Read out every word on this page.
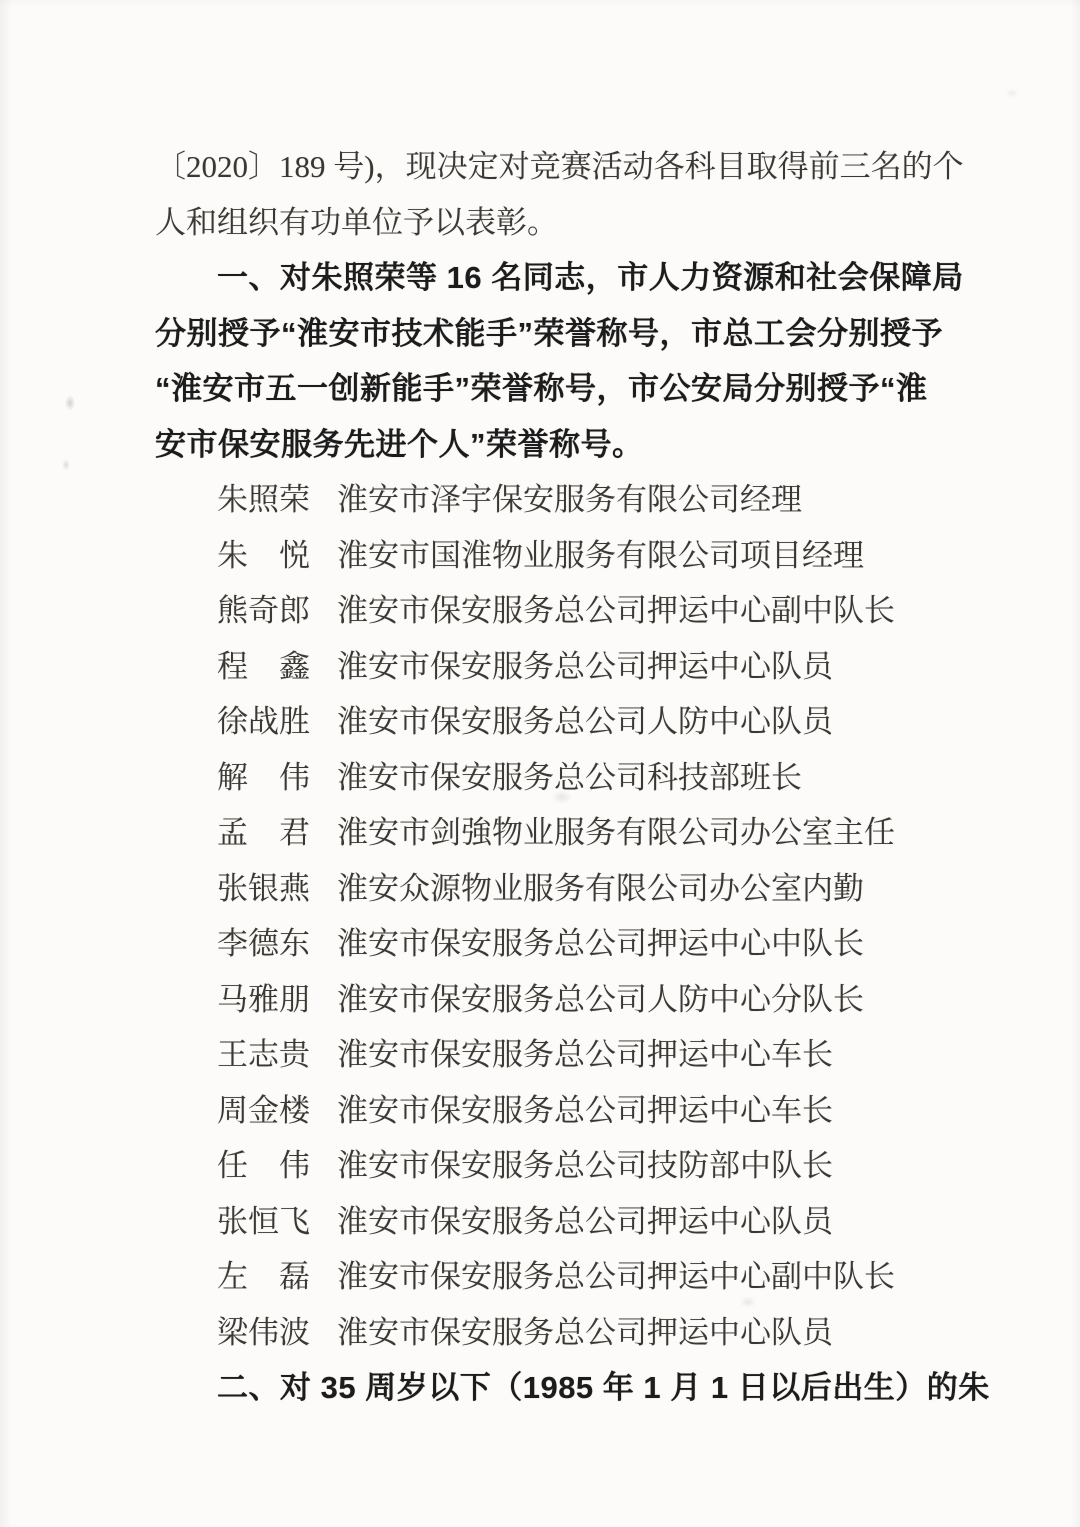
〔2020〕189 号)，现决定对竞赛活动各科目取得前三名的个
人和组织有功单位予以表彰。
一、对朱照荣等 16 名同志，市人力资源和社会保障局
分别授予“淮安市技术能手”荣誉称号，市总工会分别授予
“淮安市五一创新能手”荣誉称号，市公安局分别授予“淮
安市保安服务先进个人”荣誉称号。
朱照荣 淮安市泽宇保安服务有限公司经理
朱悦 淮安市国淮物业服务有限公司项目经理
熊奇郎 淮安市保安服务总公司押运中心副中队长
程鑫 淮安市保安服务总公司押运中心队员
徐战胜 淮安市保安服务总公司人防中心队员
解伟 淮安市保安服务总公司科技部班长
孟君 淮安市剑強物业服务有限公司办公室主任
张银燕 淮安众源物业服务有限公司办公室内勤
李德东 淮安市保安服务总公司押运中心中队长
马雅朋 淮安市保安服务总公司人防中心分队长
王志贵 淮安市保安服务总公司押运中心车长
周金楼 淮安市保安服务总公司押运中心车长
任伟 淮安市保安服务总公司技防部中队长
张恒飞 淮安市保安服务总公司押运中心队员
左磊 淮安市保安服务总公司押运中心副中队长
梁伟波 淮安市保安服务总公司押运中心队员
二、对 35 周岁以下（1985 年 1 月 1 日以后出生）的朱
